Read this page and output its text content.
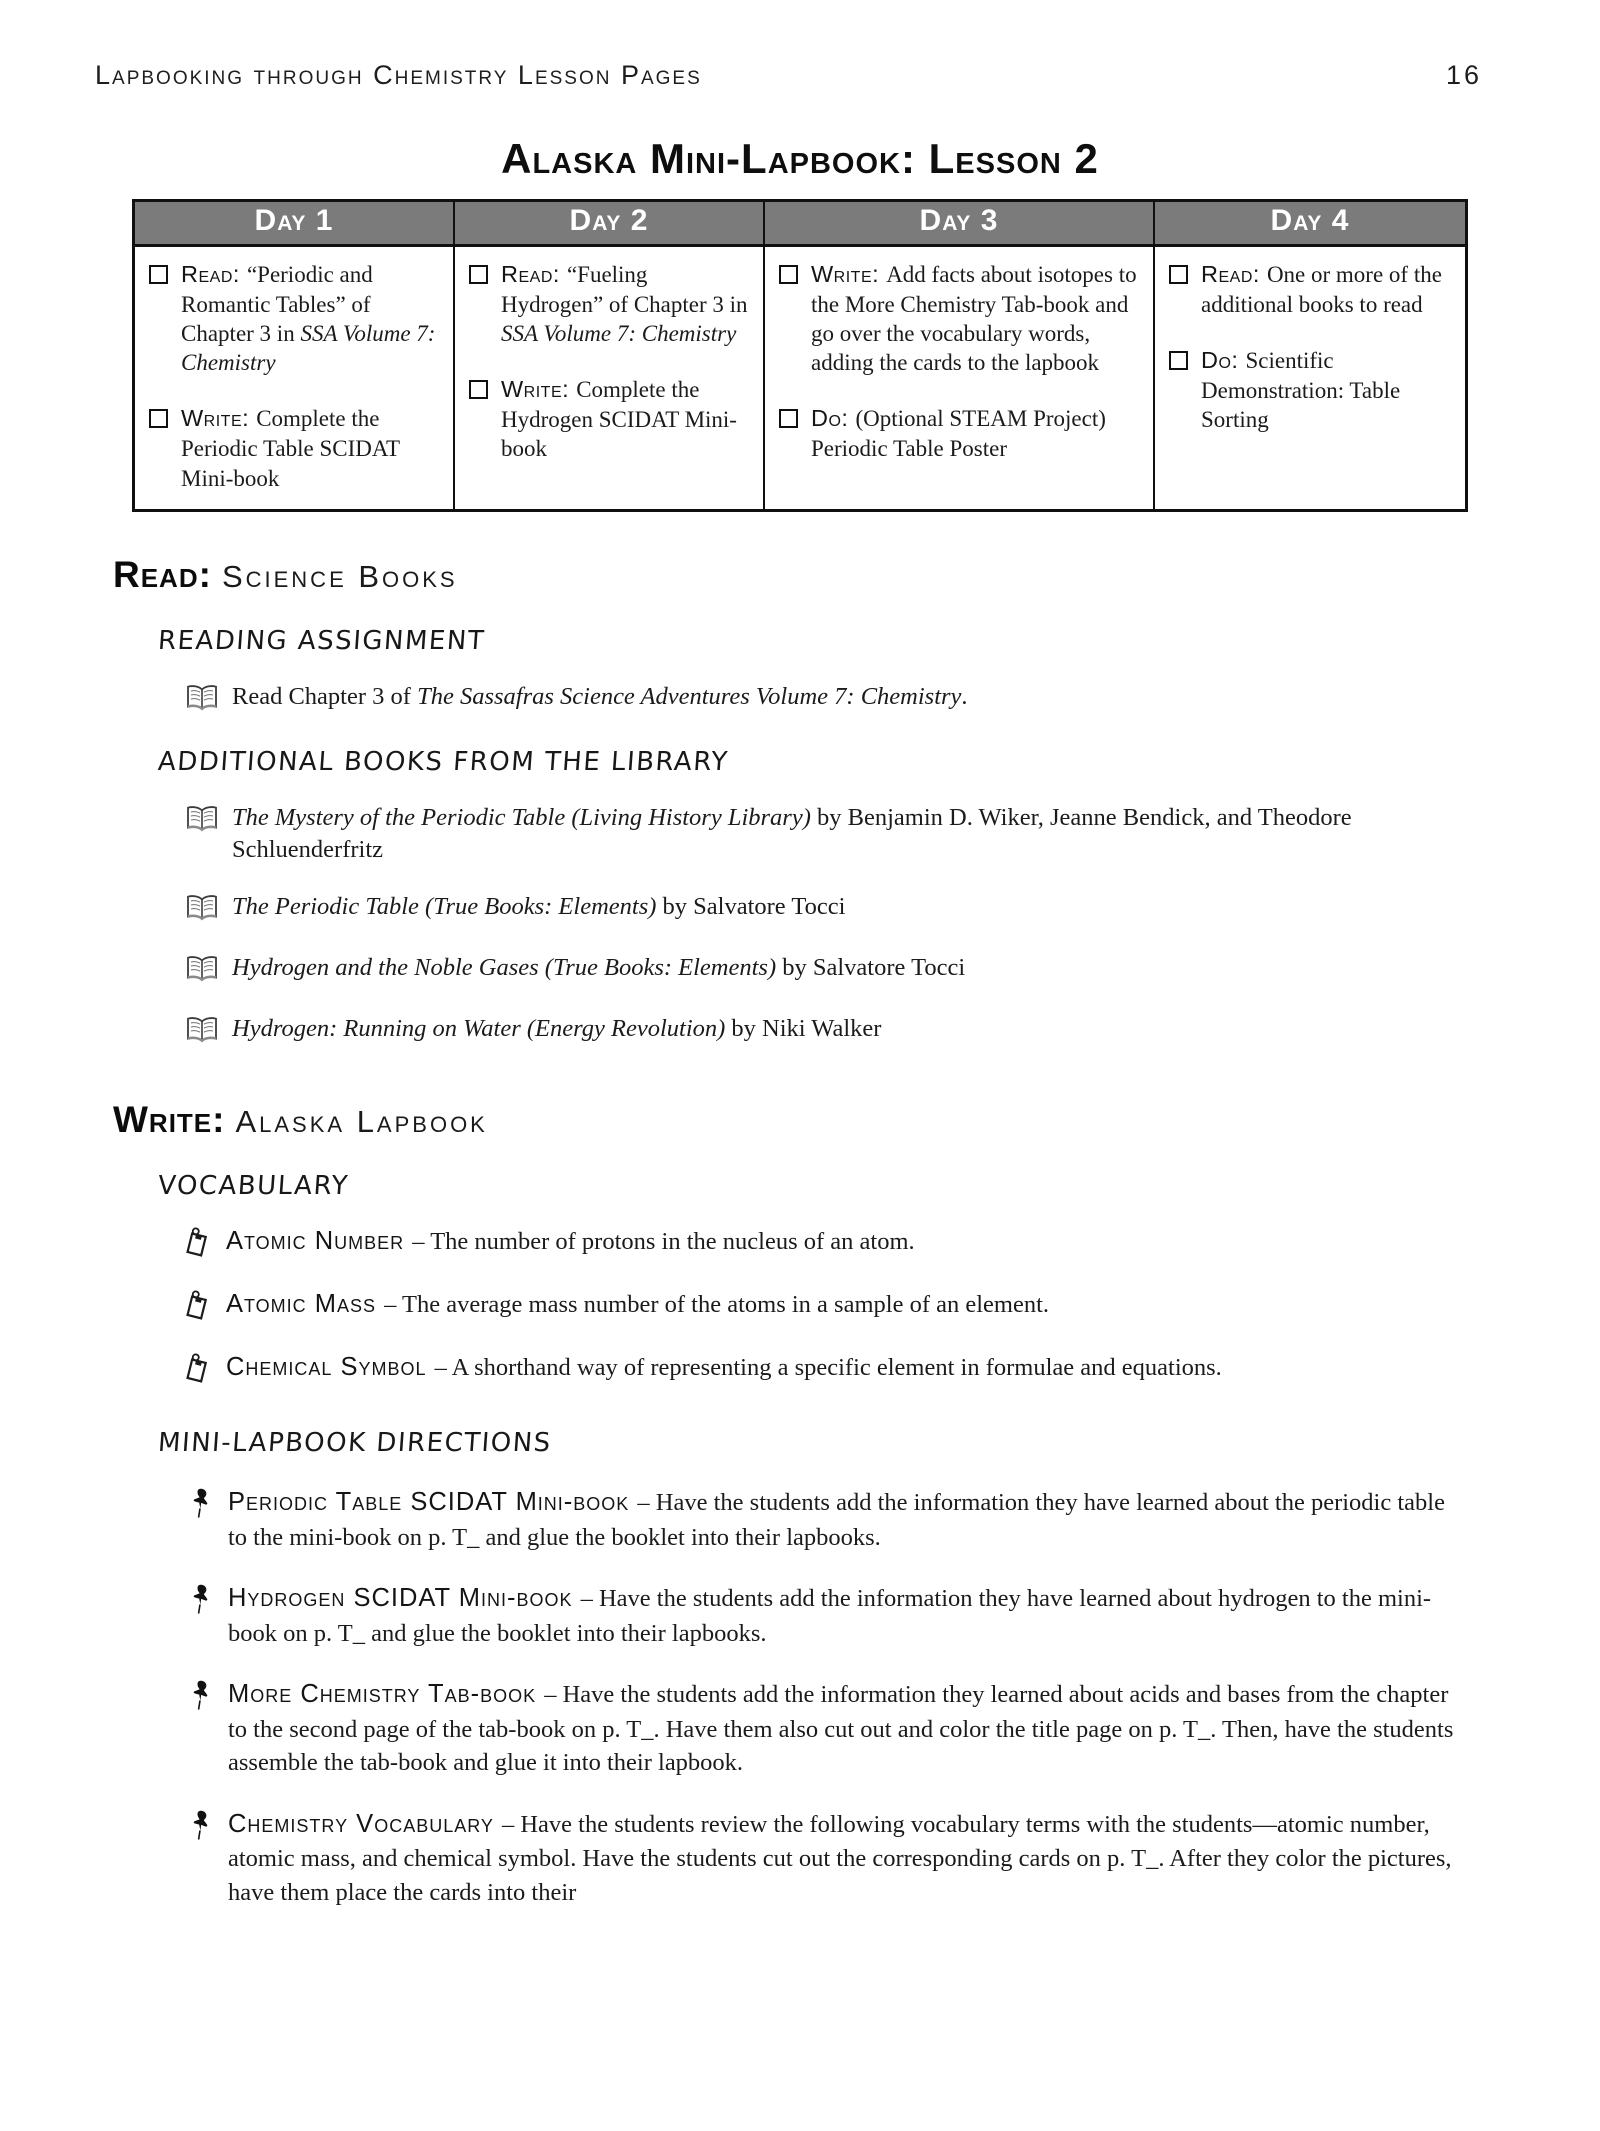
Lapbooking through Chemistry Lesson Pages	16
Alaska Mini-Lapbook: Lesson 2
Day 1
Read: “Periodic and Romantic Tables” of Chapter 3 in SSA Volume 7: Chemistry
Write: Complete the Periodic Table SCIDAT Mini-book
Day 2
Read: “Fueling Hydrogen” of Chapter 3 in SSA Volume 7: Chemistry
Write: Complete the Hydrogen SCIDAT Mini-book
Day 3
Write: Add facts about isotopes to the More Chemistry Tab-book and go over the vocabulary words, adding the cards to the lapbook
Do: (Optional STEAM Project) Periodic Table Poster
Day 4
Read: One or more of the additional books to read
Do: Scientific Demonstration: Table Sorting
Read: Science Books
READING ASSIGNMENT
Read Chapter 3 of The Sassafras Science Adventures Volume 7: Chemistry.
ADDITIONAL BOOKS FROM THE LIBRARY
The Mystery of the Periodic Table (Living History Library) by Benjamin D. Wiker, Jeanne Bendick, and Theodore Schluenderfritz
The Periodic Table (True Books: Elements) by Salvatore Tocci
Hydrogen and the Noble Gases (True Books: Elements) by Salvatore Tocci
Hydrogen: Running on Water (Energy Revolution) by Niki Walker
Write: Alaska Lapbook
VOCABULARY
Atomic Number – The number of protons in the nucleus of an atom.
Atomic Mass – The average mass number of the atoms in a sample of an element.
Chemical Symbol – A shorthand way of representing a specific element in formulae and equations.
MINI-LAPBOOK DIRECTIONS
Periodic Table SCIDAT Mini-book – Have the students add the information they have learned about the periodic table to the mini-book on p. T_ and glue the booklet into their lapbooks.
Hydrogen SCIDAT Mini-book – Have the students add the information they have learned about hydrogen to the mini-book on p. T_ and glue the booklet into their lapbooks.
More Chemistry Tab-book – Have the students add the information they learned about acids and bases from the chapter to the second page of the tab-book on p. T_. Have them also cut out and color the title page on p. T_. Then, have the students assemble the tab-book and glue it into their lapbook.
Chemistry Vocabulary – Have the students review the following vocabulary terms with the students—atomic number, atomic mass, and chemical symbol. Have the students cut out the corresponding cards on p. T_. After they color the pictures, have them place the cards into their
